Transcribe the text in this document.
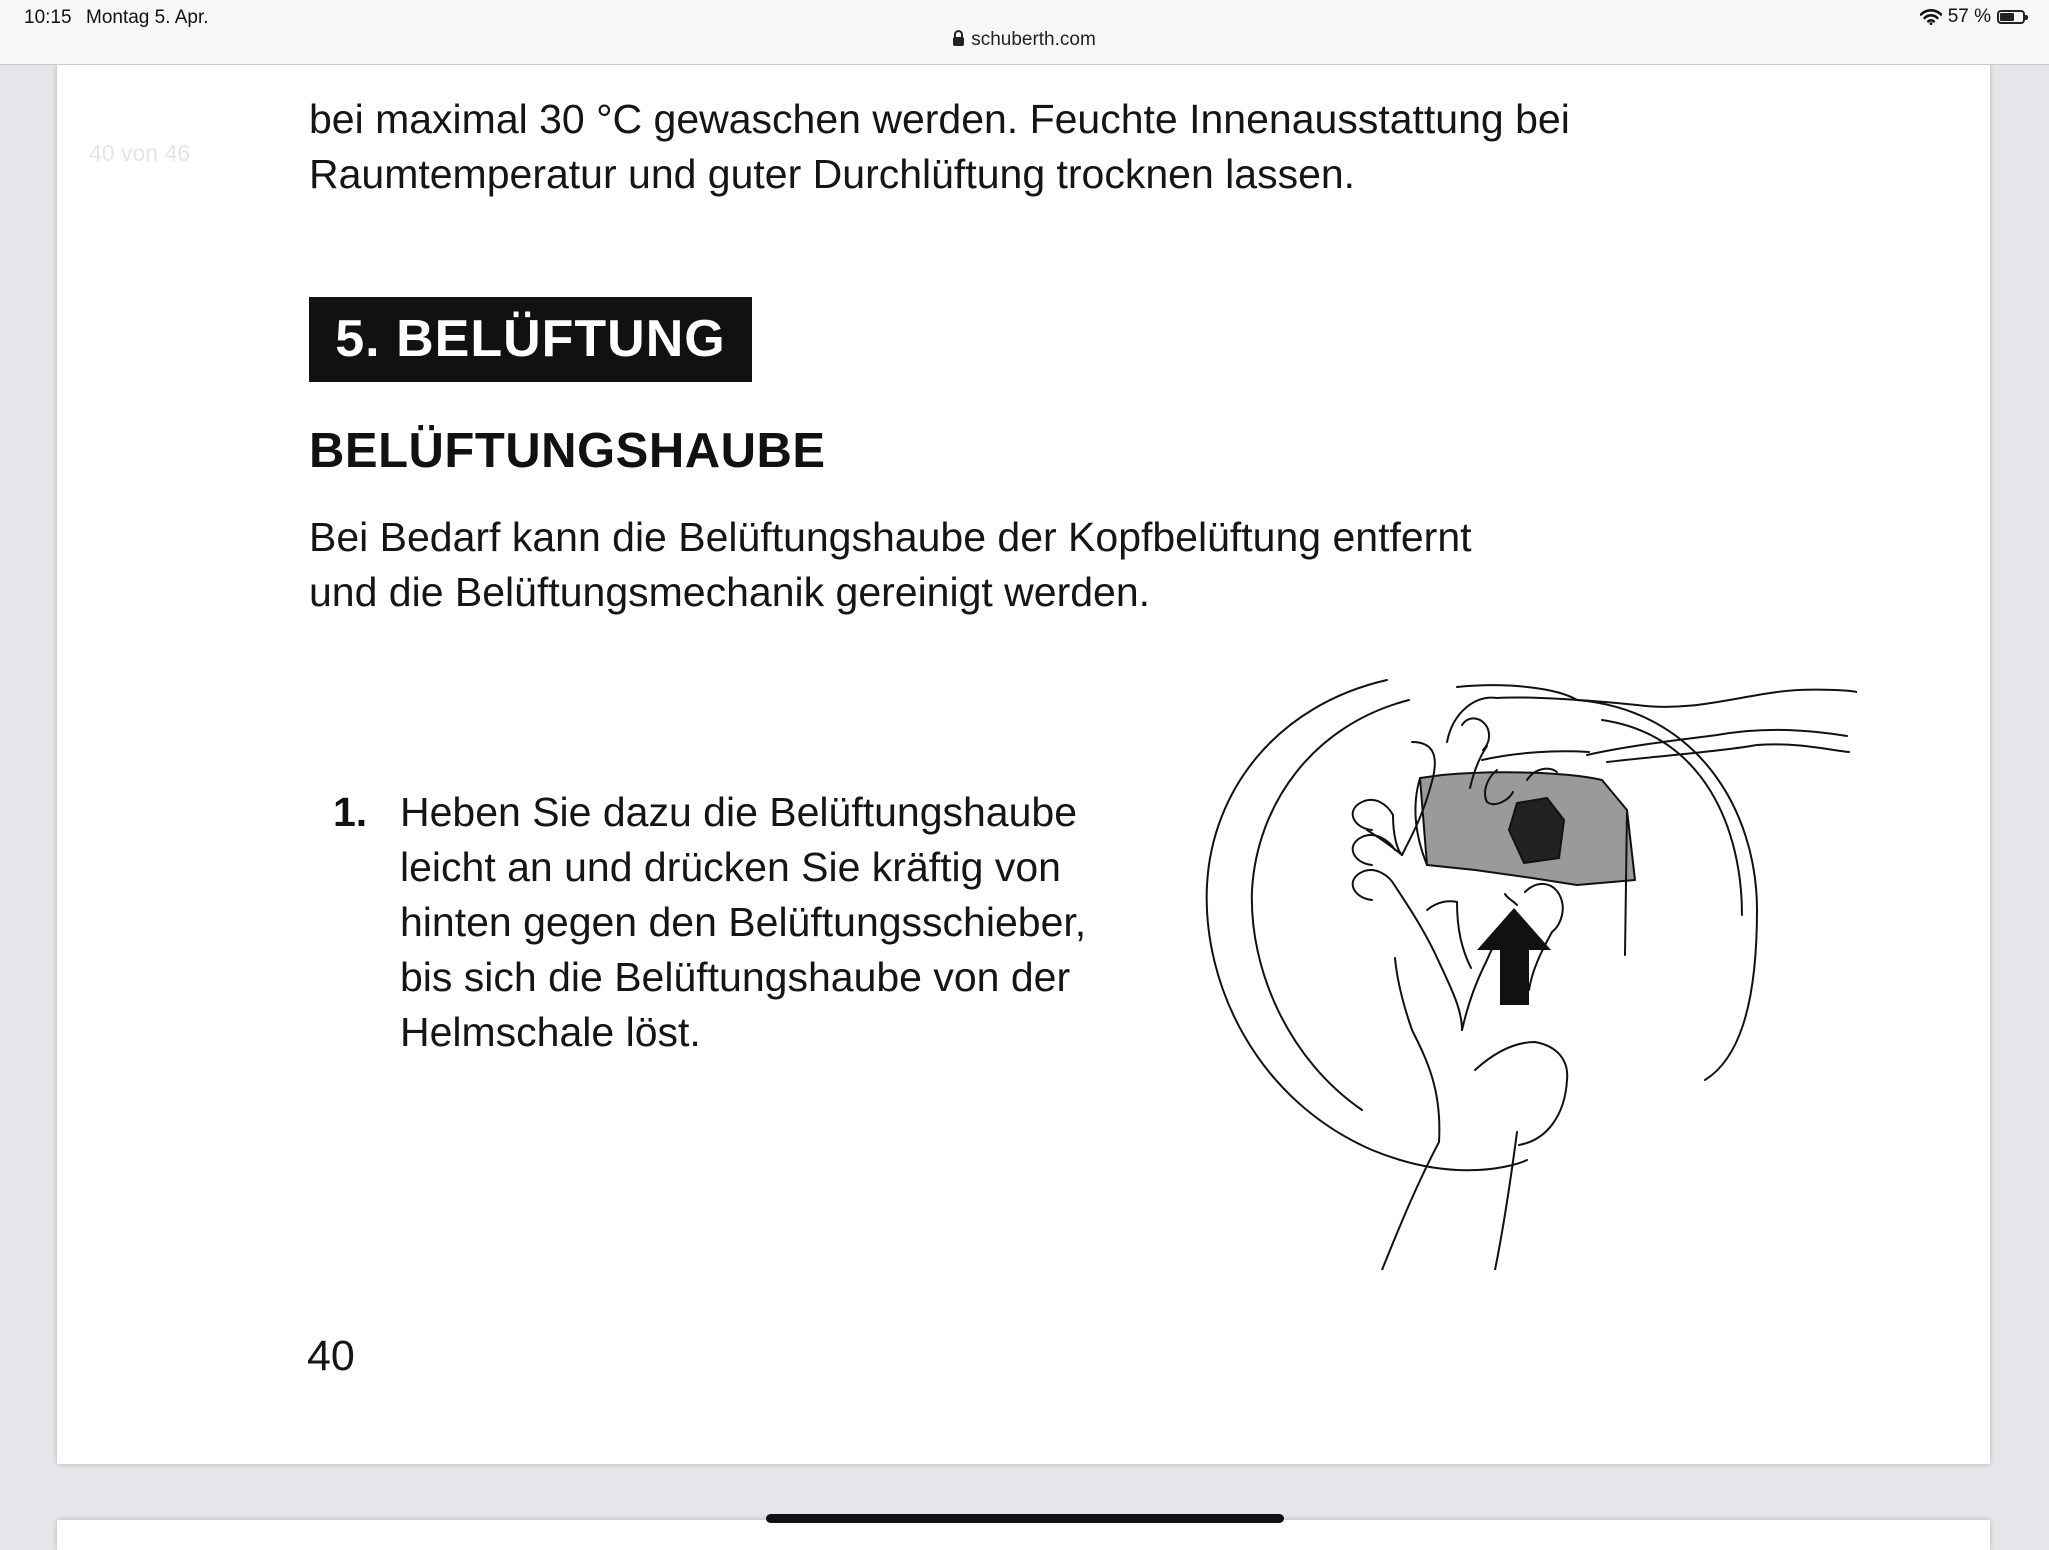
10:15 Montag 5. Apr.
schuberth.com
57 %
40 von 46
bei maximal 30 °C gewaschen werden. Feuchte Innenausstattung bei
Raumtemperatur und guter Durchlüftung trocknen lassen.
5. BELÜFTUNG
BELÜFTUNGSHAUBE
Bei Bedarf kann die Belüftungshaube der Kopfbelüftung entfernt
und die Belüftungsmechanik gereinigt werden.
1. Heben Sie dazu die Belüftungshaube
leicht an und drücken Sie kräftig von
hinten gegen den Belüftungsschieber,
bis sich die Belüftungshaube von der
Helmschale löst.
40
